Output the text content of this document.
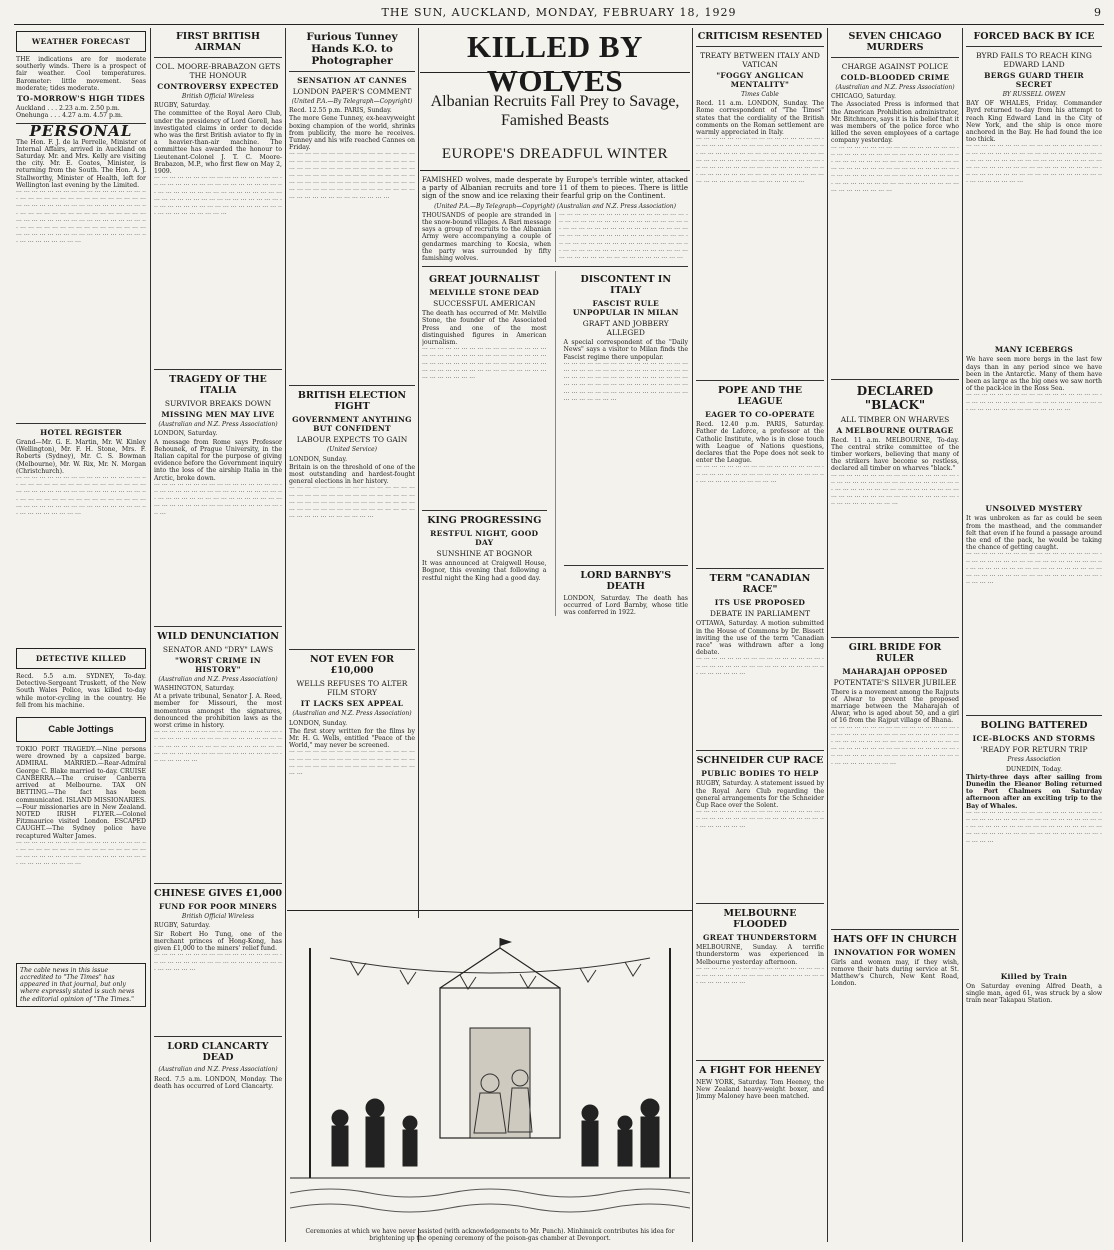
THE SUN, AUCKLAND, MONDAY, FEBRUARY 18, 1929	9
WEATHER FORECAST
THE indications are for moderate southerly winds. There is a prospect of fair weather. Cool temperatures. Barometer: little movement. Seas moderate; tides moderate.
TO-MORROW'S HIGH TIDES
Auckland . . . 2.23 a.m. 2.50 p.m.
Onehunga . . . 4.27 a.m. 4.57 p.m.
PERSONAL
The Hon. F. J. de la Perrelle, Minister of Internal Affairs, arrived in Auckland on Saturday. Mr. and Mrs. Kelly are visiting the city. Mr. E. Coates, Minister, is returning from the South. The Hon. A. J. Stallworthy, Minister of Health, left for Wellington last evening by the Limited.
··· ··· ··· ··· ··· ··· ··· ··· ··· ··· ··· ··· ··· ··· ··· ··· ··· ··· ··· ··· ··· ··· ··· ··· ··· ··· ··· ··· ··· ··· ··· ··· ··· ··· ··· ··· ··· ··· ··· ··· ··· ··· ··· ··· ··· ··· ··· ··· ··· ··· ··· ··· ··· ··· ··· ··· ··· ··· ··· ··· ··· ··· ··· ··· ··· ··· ··· ··· ··· ··· ··· ··· ··· ··· ··· ··· ··· ··· ··· ··· ··· ··· ··· ··· ··· ··· ··· ··· ··· ··· ··· ··· ··· ··· ··· ··· ··· ··· ··· ··· ··· ··· ··· ··· ··· ··· ··· ··· ··· ··· ··· ··· ··· ··· ··· ··· ··· ··· ··· ··· ··· ··· ··· ···
HOTEL REGISTER
Grand—Mr. G. E. Martin, Mr. W. Kinley (Wellington), Mr. F. H. Stone, Mrs. F. Roberts (Sydney), Mr. C. S. Bowman (Melbourne), Mr. W. Rix, Mr. N. Morgan (Christchurch).
··· ··· ··· ··· ··· ··· ··· ··· ··· ··· ··· ··· ··· ··· ··· ··· ··· ··· ··· ··· ··· ··· ··· ··· ··· ··· ··· ··· ··· ··· ··· ··· ··· ··· ··· ··· ··· ··· ··· ··· ··· ··· ··· ··· ··· ··· ··· ··· ··· ··· ··· ··· ··· ··· ··· ··· ··· ··· ··· ··· ··· ··· ··· ··· ··· ··· ··· ··· ··· ··· ··· ··· ··· ··· ··· ··· ··· ··· ··· ··· ··· ··· ··· ··· ··· ··· ··· ··· ··· ··· ···
DETECTIVE KILLED
Recd. 5.5 a.m. SYDNEY, To-day. Detective-Sergeant Truskett, of the New South Wales Police, was killed to-day while motor-cycling in the country. He fell from his machine.
Cable Jottings
TOKIO PORT TRAGEDY.—Nine persons were drowned by a capsized barge. ADMIRAL MARRIED.—Rear-Admiral George C. Blake married to-day. CRUISE CANBERRA.—The cruiser Canberra arrived at Melbourne. TAX ON BETTING.—The fact has been communicated. ISLAND MISSIONARIES.—Four missionaries are in New Zealand. NOTED IRISH FLYER.—Colonel Fitzmaurice visited London. ESCAPED CAUGHT.—The Sydney police have recaptured Walter James.
··· ··· ··· ··· ··· ··· ··· ··· ··· ··· ··· ··· ··· ··· ··· ··· ··· ··· ··· ··· ··· ··· ··· ··· ··· ··· ··· ··· ··· ··· ··· ··· ··· ··· ··· ··· ··· ··· ··· ··· ··· ··· ··· ··· ··· ··· ··· ··· ··· ··· ··· ··· ··· ··· ··· ··· ··· ···
The cable news in this issue accredited to "The Times" has appeared in that journal, but only where expressly stated is such news the editorial opinion of "The Times."
FIRST BRITISH AIRMAN
COL. MOORE-BRABAZON GETS THE HONOUR
CONTROVERSY EXPECTED
British Official Wireless
RUGBY, Saturday.
The committee of the Royal Aero Club, under the presidency of Lord Gorell, has investigated claims in order to decide who was the first British aviator to fly in a heavier-than-air machine. The committee has awarded the honour to Lieutenant-Colonel J. T. C. Moore-Brabazon, M.P., who first flew on May 2, 1909.
··· ··· ··· ··· ··· ··· ··· ··· ··· ··· ··· ··· ··· ··· ··· ··· ··· ··· ··· ··· ··· ··· ··· ··· ··· ··· ··· ··· ··· ··· ··· ··· ··· ··· ··· ··· ··· ··· ··· ··· ··· ··· ··· ··· ··· ··· ··· ··· ··· ··· ··· ··· ··· ··· ··· ··· ··· ··· ··· ··· ··· ··· ··· ··· ··· ··· ··· ··· ··· ··· ··· ··· ··· ··· ··· ··· ··· ··· ··· ··· ··· ··· ··· ··· ··· ··· ··· ··· ··· ··· ···
TRAGEDY OF THE ITALIA
SURVIVOR BREAKS DOWN
MISSING MEN MAY LIVE
(Australian and N.Z. Press Association)
LONDON, Saturday.
A message from Rome says Professor Behounek, of Prague University, in the Italian capital for the purpose of giving evidence before the Government inquiry into the loss of the airship Italia in the Arctic, broke down.
··· ··· ··· ··· ··· ··· ··· ··· ··· ··· ··· ··· ··· ··· ··· ··· ··· ··· ··· ··· ··· ··· ··· ··· ··· ··· ··· ··· ··· ··· ··· ··· ··· ··· ··· ··· ··· ··· ··· ··· ··· ··· ··· ··· ··· ··· ··· ··· ··· ··· ··· ··· ··· ··· ··· ··· ··· ··· ··· ··· ··· ··· ··· ··· ··· ··· ···
WILD DENUNCIATION
SENATOR AND "DRY" LAWS
"WORST CRIME IN HISTORY"
(Australian and N.Z. Press Association)
WASHINGTON, Saturday.
At a private tribunal, Senator J. A. Reed, member for Missouri, the most momentous amongst the signatures, denounced the prohibition laws as the worst crime in history.
··· ··· ··· ··· ··· ··· ··· ··· ··· ··· ··· ··· ··· ··· ··· ··· ··· ··· ··· ··· ··· ··· ··· ··· ··· ··· ··· ··· ··· ··· ··· ··· ··· ··· ··· ··· ··· ··· ··· ··· ··· ··· ··· ··· ··· ··· ··· ··· ··· ··· ··· ··· ··· ··· ··· ··· ··· ··· ··· ··· ··· ··· ··· ··· ··· ··· ··· ··· ··· ··· ···
CHINESE GIVES £1,000
FUND FOR POOR MINERS
British Official Wireless
RUGBY, Saturday.
Sir Robert Ho Tung, one of the merchant princes of Hong-Kong, has given £1,000 to the miners' relief fund.
··· ··· ··· ··· ··· ··· ··· ··· ··· ··· ··· ··· ··· ··· ··· ··· ··· ··· ··· ··· ··· ··· ··· ··· ··· ··· ··· ··· ··· ··· ··· ··· ··· ··· ··· ··· ··· ···
LORD CLANCARTY DEAD
(Australian and N.Z. Press Association)
Recd. 7.5 a.m. LONDON, Monday. The death has occurred of Lord Clancarty.
Furious Tunney Hands K.O. to Photographer
SENSATION AT CANNES
LONDON PAPER'S COMMENT
(United P.A.—By Telegraph—Copyright)
Recd. 12.55 p.m. PARIS, Sunday.
The more Gene Tunney, ex-heavyweight boxing champion of the world, shrinks from publicity, the more he receives. Tunney and his wife reached Cannes on Friday.
··· ··· ··· ··· ··· ··· ··· ··· ··· ··· ··· ··· ··· ··· ··· ··· ··· ··· ··· ··· ··· ··· ··· ··· ··· ··· ··· ··· ··· ··· ··· ··· ··· ··· ··· ··· ··· ··· ··· ··· ··· ··· ··· ··· ··· ··· ··· ··· ··· ··· ··· ··· ··· ··· ··· ··· ··· ··· ··· ··· ··· ··· ··· ··· ··· ··· ··· ··· ··· ··· ··· ··· ··· ··· ··· ··· ··· ··· ··· ··· ··· ··· ··· ··· ··· ··· ··· ··· ··· ··· ··· ··· ··· ··· ··· ··· ··· ··· ··· ··· ··· ··· ··· ··· ··· ··· ··· ··· ···
BRITISH ELECTION FIGHT
GOVERNMENT ANYTHING BUT CONFIDENT
LABOUR EXPECTS TO GAIN
(United Service)
LONDON, Sunday.
Britain is on the threshold of one of the most outstanding and hardest-fought general elections in her history.
··· ··· ··· ··· ··· ··· ··· ··· ··· ··· ··· ··· ··· ··· ··· ··· ··· ··· ··· ··· ··· ··· ··· ··· ··· ··· ··· ··· ··· ··· ··· ··· ··· ··· ··· ··· ··· ··· ··· ··· ··· ··· ··· ··· ··· ··· ··· ··· ··· ··· ··· ··· ··· ··· ··· ··· ··· ··· ··· ··· ··· ··· ··· ··· ··· ··· ··· ··· ··· ··· ··· ··· ··· ··· ···
NOT EVEN FOR £10,000
WELLS REFUSES TO ALTER FILM STORY
IT LACKS SEX APPEAL
(Australian and N.Z. Press Association)
LONDON, Sunday.
The first story written for the films by Mr. H. G. Wells, entitled "Peace of the World," may never be screened.
··· ··· ··· ··· ··· ··· ··· ··· ··· ··· ··· ··· ··· ··· ··· ··· ··· ··· ··· ··· ··· ··· ··· ··· ··· ··· ··· ··· ··· ··· ··· ··· ··· ··· ··· ··· ··· ··· ··· ··· ··· ··· ··· ··· ··· ··· ··· ··· ··· ···
KILLED BY WOLVES
Albanian Recruits Fall Prey to Savage, Famished Beasts
EUROPE'S DREADFUL WINTER
FAMISHED wolves, made desperate by Europe's terrible winter, attacked a party of Albanian recruits and tore 11 of them to pieces. There is little sign of the snow and ice relaxing their fearful grip on the Continent.
(United P.A.—By Telegraph—Copyright) (Australian and N.Z. Press Association)
THOUSANDS of people are stranded in the snow-bound villages. A Bari message says a group of recruits to the Albanian Army were accompanying a couple of gendarmes marching to Kocsia, when the party was surrounded by fifty famishing wolves.
··· ··· ··· ··· ··· ··· ··· ··· ··· ··· ··· ··· ··· ··· ··· ··· ··· ··· ··· ··· ··· ··· ··· ··· ··· ··· ··· ··· ··· ··· ··· ··· ··· ··· ··· ··· ··· ··· ··· ··· ··· ··· ··· ··· ··· ··· ··· ··· ··· ··· ··· ··· ··· ··· ··· ··· ··· ··· ··· ··· ··· ··· ··· ··· ··· ··· ··· ··· ··· ··· ··· ··· ··· ··· ··· ··· ··· ··· ··· ··· ··· ··· ··· ··· ··· ··· ··· ··· ··· ··· ··· ··· ··· ··· ··· ··· ··· ··· ··· ··· ··· ··· ··· ··· ··· ··· ··· ··· ··· ··· ··· ··· ··· ···
GREAT JOURNALIST
MELVILLE STONE DEAD
SUCCESSFUL AMERICAN
The death has occurred of Mr. Melville Stone, the founder of the Associated Press and one of the most distinguished figures in American journalism.
··· ··· ··· ··· ··· ··· ··· ··· ··· ··· ··· ··· ··· ··· ··· ··· ··· ··· ··· ··· ··· ··· ··· ··· ··· ··· ··· ··· ··· ··· ··· ··· ··· ··· ··· ··· ··· ··· ··· ··· ··· ··· ··· ··· ··· ··· ··· ··· ··· ··· ··· ··· ··· ··· ··· ··· ··· ··· ··· ··· ··· ··· ··· ··· ··· ··· ··· ··· ··· ··· ···
KING PROGRESSING
RESTFUL NIGHT, GOOD DAY
SUNSHINE AT BOGNOR
It was announced at Craigwell House, Bognor, this evening that following a restful night the King had a good day.
DISCONTENT IN ITALY
FASCIST RULE UNPOPULAR IN MILAN
GRAFT AND JOBBERY ALLEGED
A special correspondent of the "Daily News" says a visitor to Milan finds the Fascist regime there unpopular.
··· ··· ··· ··· ··· ··· ··· ··· ··· ··· ··· ··· ··· ··· ··· ··· ··· ··· ··· ··· ··· ··· ··· ··· ··· ··· ··· ··· ··· ··· ··· ··· ··· ··· ··· ··· ··· ··· ··· ··· ··· ··· ··· ··· ··· ··· ··· ··· ··· ··· ··· ··· ··· ··· ··· ··· ··· ··· ··· ··· ··· ··· ··· ··· ··· ··· ··· ··· ··· ··· ··· ··· ··· ··· ··· ··· ··· ··· ··· ··· ··· ··· ··· ··· ··· ··· ···
LORD BARNBY'S DEATH
LONDON, Saturday. The death has occurred of Lord Barnby, whose title was conferred in 1922.
Ceremonies at which we have never assisted (with acknowledgements to Mr. Punch). Minhinnick contributes his idea for brightening up the opening ceremony of the poison-gas chamber at Devonport.
CRITICISM RESENTED
TREATY BETWEEN ITALY AND VATICAN
"FOGGY ANGLICAN MENTALITY"
Times Cable
Recd. 11 a.m. LONDON, Sunday. The Rome correspondent of "The Times" states that the cordiality of the British comments on the Roman settlement are warmly appreciated in Italy.
··· ··· ··· ··· ··· ··· ··· ··· ··· ··· ··· ··· ··· ··· ··· ··· ··· ··· ··· ··· ··· ··· ··· ··· ··· ··· ··· ··· ··· ··· ··· ··· ··· ··· ··· ··· ··· ··· ··· ··· ··· ··· ··· ··· ··· ··· ··· ··· ··· ··· ··· ··· ··· ··· ··· ··· ··· ··· ··· ··· ··· ··· ··· ··· ··· ··· ··· ··· ··· ··· ··· ··· ··· ··· ··· ··· ··· ··· ··· ··· ··· ··· ··· ··· ··· ··· ··· ··· ··· ··· ··· ··· ··· ··· ··· ··· ··· ··· ··· ··· ··· ··· ··· ··· ··· ··· ··· ··· ··· ··· ··· ···
POPE AND THE LEAGUE
EAGER TO CO-OPERATE
Recd. 12.40 p.m. PARIS, Saturday. Father de Laforce, a professor at the Catholic Institute, who is in close touch with League of Nations questions, declares that the Pope does not seek to enter the League.
··· ··· ··· ··· ··· ··· ··· ··· ··· ··· ··· ··· ··· ··· ··· ··· ··· ··· ··· ··· ··· ··· ··· ··· ··· ··· ··· ··· ··· ··· ··· ··· ··· ··· ··· ··· ··· ··· ··· ··· ··· ··· ···
TERM "CANADIAN RACE"
ITS USE PROPOSED
DEBATE IN PARLIAMENT
OTTAWA, Saturday. A motion submitted in the House of Commons by Dr. Bissett inviting the use of the term "Canadian race" was withdrawn after a long debate.
··· ··· ··· ··· ··· ··· ··· ··· ··· ··· ··· ··· ··· ··· ··· ··· ··· ··· ··· ··· ··· ··· ··· ··· ··· ··· ··· ··· ··· ··· ··· ··· ··· ··· ··· ··· ··· ··· ···
SCHNEIDER CUP RACE
PUBLIC BODIES TO HELP
RUGBY, Saturday. A statement issued by the Royal Aero Club regarding the general arrangements for the Schneider Cup Race over the Solent.
··· ··· ··· ··· ··· ··· ··· ··· ··· ··· ··· ··· ··· ··· ··· ··· ··· ··· ··· ··· ··· ··· ··· ··· ··· ··· ··· ··· ··· ··· ··· ··· ··· ··· ··· ··· ··· ··· ···
MELBOURNE FLOODED
GREAT THUNDERSTORM
MELBOURNE, Sunday. A terrific thunderstorm was experienced in Melbourne yesterday afternoon.
··· ··· ··· ··· ··· ··· ··· ··· ··· ··· ··· ··· ··· ··· ··· ··· ··· ··· ··· ··· ··· ··· ··· ··· ··· ··· ··· ··· ··· ··· ··· ··· ··· ··· ··· ··· ··· ··· ···
A FIGHT FOR HEENEY
NEW YORK, Saturday. Tom Heeney, the New Zealand heavy-weight boxer, and Jimmy Maloney have been matched.
SEVEN CHICAGO MURDERS
CHARGE AGAINST POLICE
COLD-BLOODED CRIME
(Australian and N.Z. Press Association)
CHICAGO, Saturday.
The Associated Press is informed that the American Prohibition administrator, Mr. Bitchmore, says it is his belief that it was members of the police force who killed the seven employees of a cartage company yesterday.
··· ··· ··· ··· ··· ··· ··· ··· ··· ··· ··· ··· ··· ··· ··· ··· ··· ··· ··· ··· ··· ··· ··· ··· ··· ··· ··· ··· ··· ··· ··· ··· ··· ··· ··· ··· ··· ··· ··· ··· ··· ··· ··· ··· ··· ··· ··· ··· ··· ··· ··· ··· ··· ··· ··· ··· ··· ··· ··· ··· ··· ··· ··· ··· ··· ··· ··· ··· ··· ··· ··· ··· ··· ··· ··· ··· ··· ··· ··· ··· ··· ··· ··· ··· ··· ··· ··· ··· ··· ··· ··· ··· ··· ··· ··· ··· ··· ··· ··· ··· ··· ··· ··· ··· ··· ···
DECLARED "BLACK"
ALL TIMBER ON WHARVES
A MELBOURNE OUTRAGE
Recd. 11 a.m. MELBOURNE, To-day. The central strike committee of the timber workers, believing that many of the strikers have become so restless, declared all timber on wharves "black."
··· ··· ··· ··· ··· ··· ··· ··· ··· ··· ··· ··· ··· ··· ··· ··· ··· ··· ··· ··· ··· ··· ··· ··· ··· ··· ··· ··· ··· ··· ··· ··· ··· ··· ··· ··· ··· ··· ··· ··· ··· ··· ··· ··· ··· ··· ··· ··· ··· ··· ··· ··· ··· ··· ··· ··· ··· ··· ··· ··· ··· ··· ··· ··· ··· ··· ··· ··· ··· ··· ··· ··· ··· ···
GIRL BRIDE FOR RULER
MAHARAJAH OPPOSED
POTENTATE'S SILVER JUBILEE
There is a movement among the Rajputs of Alwar to prevent the proposed marriage between the Maharajah of Alwar, who is aged about 50, and a girl of 16 from the Rajput village of Bhana.
··· ··· ··· ··· ··· ··· ··· ··· ··· ··· ··· ··· ··· ··· ··· ··· ··· ··· ··· ··· ··· ··· ··· ··· ··· ··· ··· ··· ··· ··· ··· ··· ··· ··· ··· ··· ··· ··· ··· ··· ··· ··· ··· ··· ··· ··· ··· ··· ··· ··· ··· ··· ··· ··· ··· ··· ··· ··· ··· ··· ··· ··· ··· ··· ··· ··· ··· ··· ··· ··· ··· ··· ··· ··· ··· ··· ··· ··· ··· ··· ··· ··· ··· ··· ··· ··· ··· ··· ··· ···
HATS OFF IN CHURCH
INNOVATION FOR WOMEN
Girls and women may, if they wish, remove their hats during service at St. Matthew's Church, New Kent Road, London.
FORCED BACK BY ICE
BYRD FAILS TO REACH KING EDWARD LAND
BERGS GUARD THEIR SECRET
BY RUSSELL OWEN
BAY OF WHALES, Friday. Commander Byrd returned to-day from his attempt to reach King Edward Land in the City of New York, and the ship is once more anchored in the Bay. He had found the ice too thick.
··· ··· ··· ··· ··· ··· ··· ··· ··· ··· ··· ··· ··· ··· ··· ··· ··· ··· ··· ··· ··· ··· ··· ··· ··· ··· ··· ··· ··· ··· ··· ··· ··· ··· ··· ··· ··· ··· ··· ··· ··· ··· ··· ··· ··· ··· ··· ··· ··· ··· ··· ··· ··· ··· ··· ··· ··· ··· ··· ··· ··· ··· ··· ··· ··· ··· ··· ··· ··· ··· ··· ··· ··· ··· ··· ··· ··· ··· ··· ··· ··· ··· ··· ··· ··· ··· ··· ··· ··· ··· ··· ··· ··· ···
MANY ICEBERGS
We have seen more bergs in the last few days than in any period since we have been in the Antarctic. Many of them have been as large as the big ones we saw north of the pack-ice in the Ross Sea.
··· ··· ··· ··· ··· ··· ··· ··· ··· ··· ··· ··· ··· ··· ··· ··· ··· ··· ··· ··· ··· ··· ··· ··· ··· ··· ··· ··· ··· ··· ··· ··· ··· ··· ··· ··· ··· ··· ··· ··· ··· ··· ··· ··· ··· ··· ··· ···
UNSOLVED MYSTERY
It was unbroken as far as could be seen from the masthead, and the commander felt that even if he found a passage around the end of the pack, he would be taking the chance of getting caught.
··· ··· ··· ··· ··· ··· ··· ··· ··· ··· ··· ··· ··· ··· ··· ··· ··· ··· ··· ··· ··· ··· ··· ··· ··· ··· ··· ··· ··· ··· ··· ··· ··· ··· ··· ··· ··· ··· ··· ··· ··· ··· ··· ··· ··· ··· ··· ··· ··· ··· ··· ··· ··· ··· ··· ··· ··· ··· ··· ··· ··· ··· ··· ··· ··· ··· ··· ··· ··· ··· ··· ··· ···
BOLING BATTERED
ICE-BLOCKS AND STORMS
'READY FOR RETURN TRIP
Press Association
DUNEDIN, Today.
Thirty-three days after sailing from Dunedin the Eleanor Boling returned to Port Chalmers on Saturday afternoon after an exciting trip to the Bay of Whales.
··· ··· ··· ··· ··· ··· ··· ··· ··· ··· ··· ··· ··· ··· ··· ··· ··· ··· ··· ··· ··· ··· ··· ··· ··· ··· ··· ··· ··· ··· ··· ··· ··· ··· ··· ··· ··· ··· ··· ··· ··· ··· ··· ··· ··· ··· ··· ··· ··· ··· ··· ··· ··· ··· ··· ··· ··· ··· ··· ··· ··· ··· ··· ··· ··· ··· ··· ··· ··· ··· ··· ··· ···
Killed by Train
On Saturday evening Alfred Death, a single man, aged 61, was struck by a slow train near Takapau Station.
